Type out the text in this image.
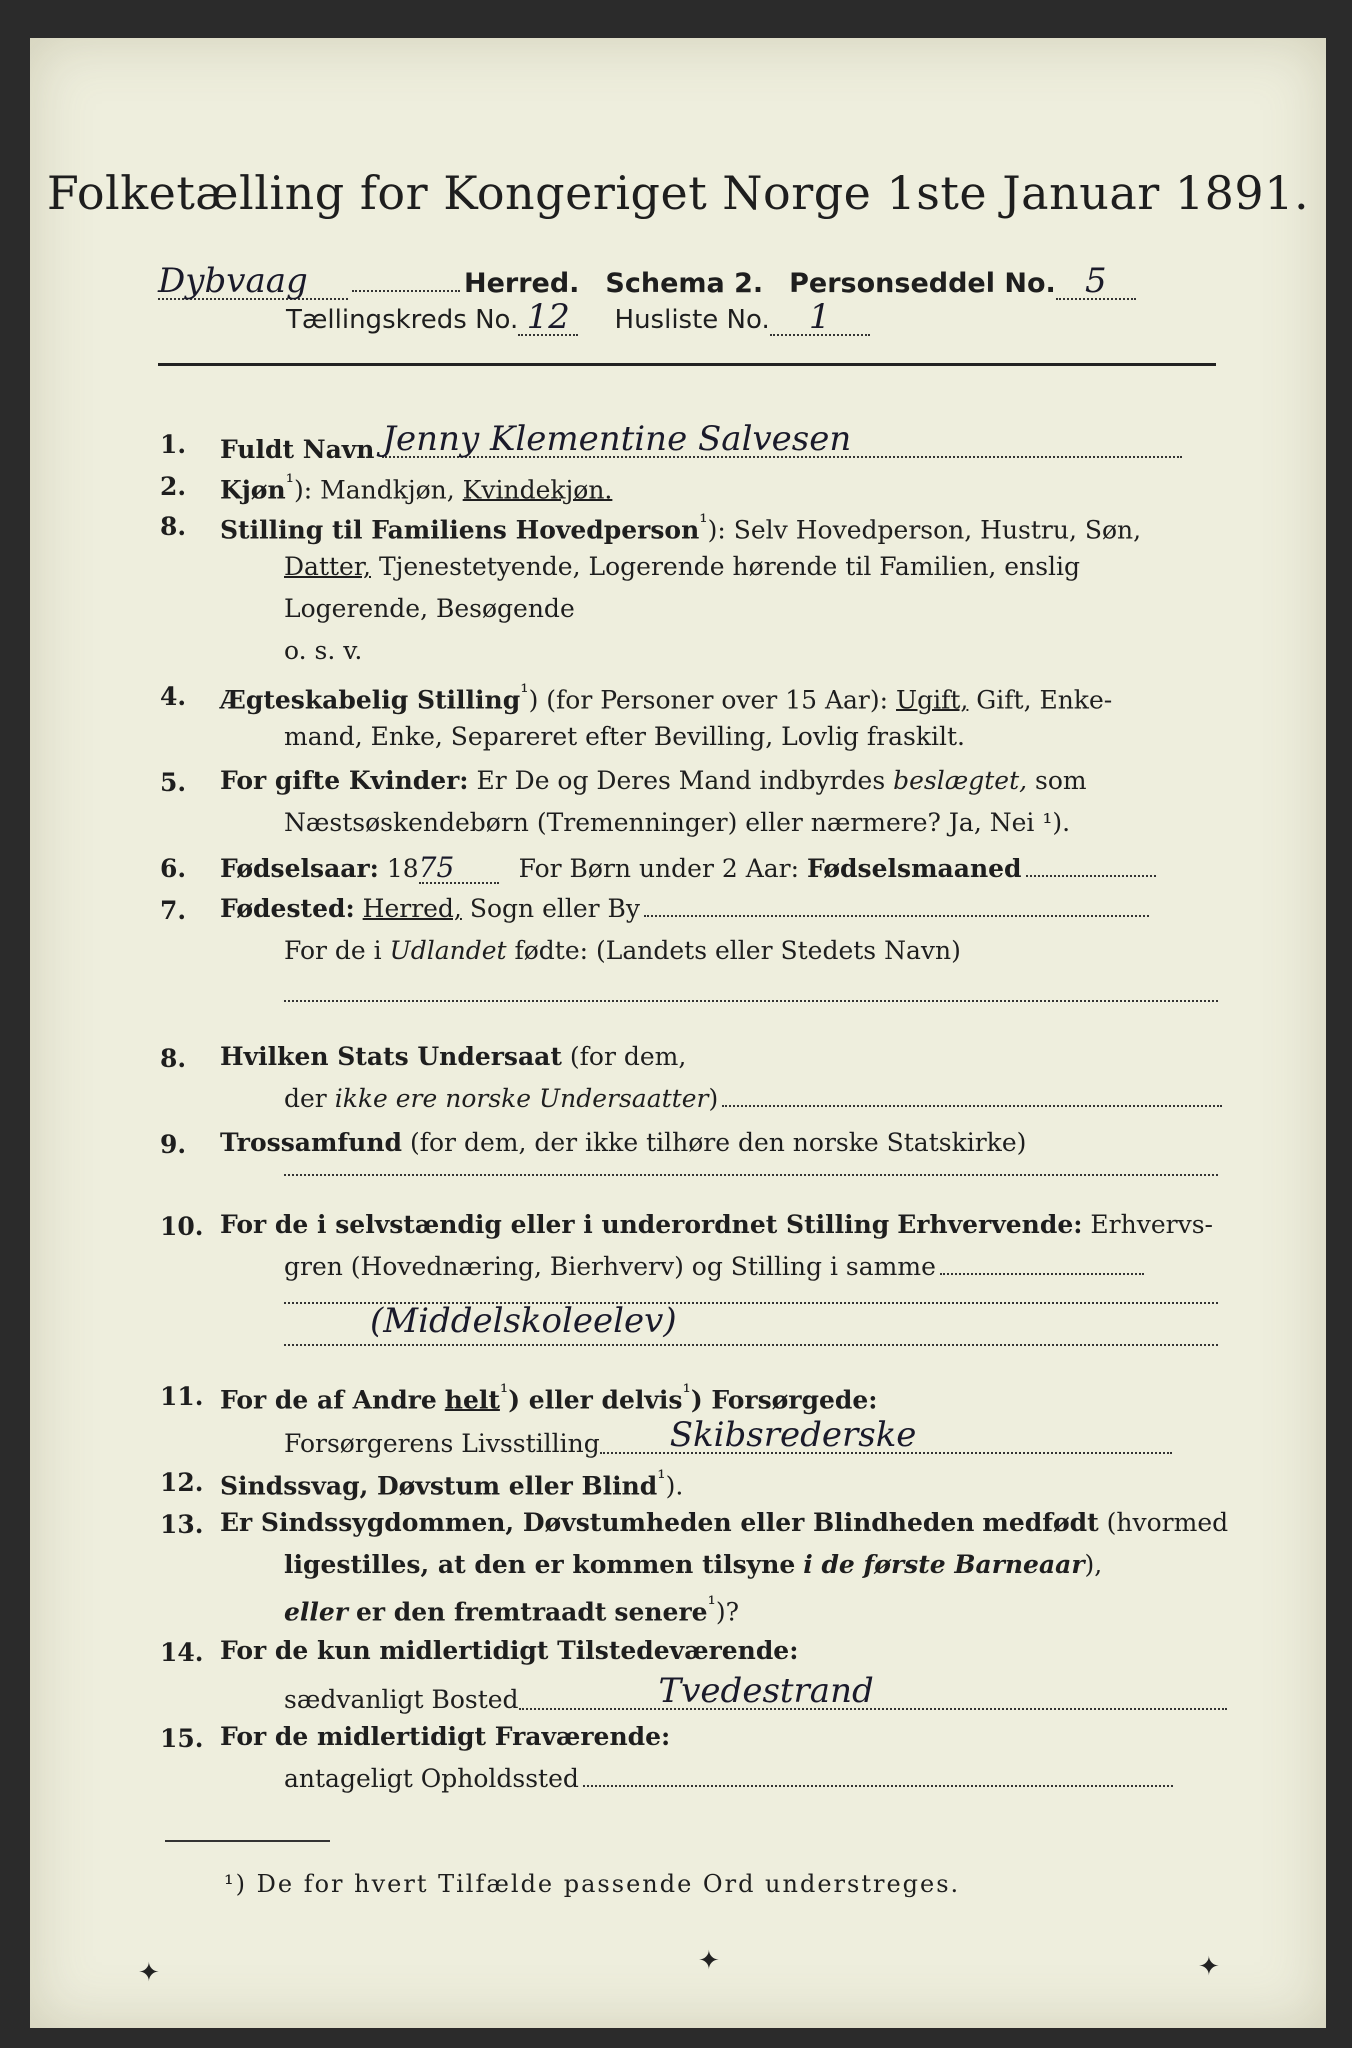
Folketælling for Kongeriget Norge 1ste Januar 1891.
Dybvaag	Herred. Schema 2. Personseddel No. 5
Tællingskreds No. 12 Husliste No. 1
1. Fuldt Navn Jenny Klementine Salvesen
2. Kjøn$^{^1}$): Mandkjøn, Kvindekjøn.
8. Stilling til Familiens Hovedperson$^{^1}$): Selv Hovedperson, Hustru, Søn,
Datter, Tjenestetyende, Logerende hørende til Familien, enslig
Logerende, Besøgende
o. s. v.
4. Ægteskabelig Stilling$^{^1}$) (for Personer over 15 Aar): Ugift, Gift, Enke-
mand, Enke, Separeret efter Bevilling, Lovlig fraskilt.
5. For gifte Kvinder: Er De og Deres Mand indbyrdes beslægtet, som
Næstsøskendebørn (Tremenninger) eller nærmere? Ja, Nei ¹).
6. Fødselsaar: 1875	For Børn under 2 Aar: Fødselsmaaned
7. Fødested: Herred, Sogn eller By
For de i Udlandet fødte: (Landets eller Stedets Navn)
8. Hvilken Stats Undersaat (for dem,
der ikke ere norske Undersaatter)
9. Trossamfund (for dem, der ikke tilhøre den norske Statskirke)
10. For de i selvstændig eller i underordnet Stilling Erhvervende: Erhvervs-
gren (Hovednæring, Bierhverv) og Stilling i samme
(Middelskoleelev)
11. For de af Andre helt$^{^1}$) eller delvis$^{^1}$) Forsørgede:
Forsørgerens Livsstilling Skibsrederske
12. Sindssvag, Døvstum eller Blind$^{^1}$).
13. Er Sindssygdommen, Døvstumheden eller Blindheden medfødt (hvormed
ligestilles, at den er kommen tilsyne i de første Barneaar),
eller er den fremtraadt senere$^{^1}$)?
14. For de kun midlertidigt Tilstedeværende:
sædvanligt Bosted	Tvedestrand
15. For de midlertidigt Fraværende:
antageligt Opholdssted
¹) De for hvert Tilfælde passende Ord understreges.
✦	✦	✦
